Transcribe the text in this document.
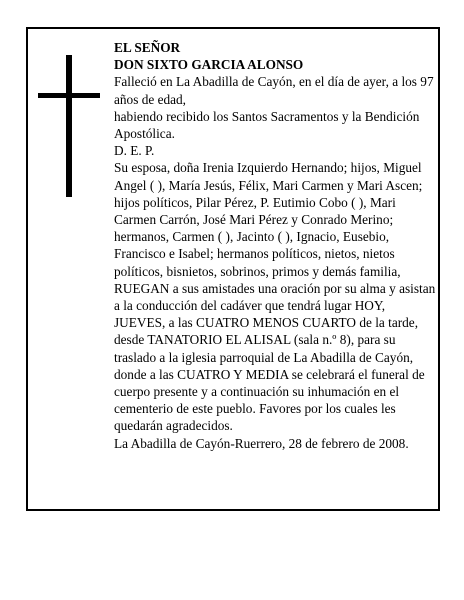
EL SEÑOR

DON SIXTO GARCIA ALONSO

Falleció en La Abadilla de Cayón, en el día de ayer, a los 97 años de edad,

habiendo recibido los Santos Sacramentos y la Bendición Apostólica.

D. E. P.

Su esposa, doña Irenia Izquierdo Hernando; hijos, Miguel Angel ( ), María Jesús, Félix, Mari Carmen y Mari Ascen; hijos políticos, Pilar Pérez, P. Eutimio Cobo ( ), Mari Carmen Carrón, José Mari Pérez y Conrado Merino; hermanos, Carmen ( ), Jacinto ( ), Ignacio, Eusebio, Francisco e Isabel; hermanos políticos, nietos, nietos políticos, bisnietos, sobrinos, primos y demás familia,

RUEGAN a sus amistades una oración por su alma y asistan a la conducción del cadáver que tendrá lugar HOY, JUEVES, a las CUATRO MENOS CUARTO de la tarde, desde TANATORIO EL ALISAL (sala n.º 8), para su traslado a la iglesia parroquial de La Abadilla de Cayón, donde a las CUATRO Y MEDIA se celebrará el funeral de cuerpo presente y a continuación su inhumación en el cementerio de este pueblo. Favores por los cuales les quedarán agradecidos.

La Abadilla de Cayón-Ruerrero, 28 de febrero de 2008.
